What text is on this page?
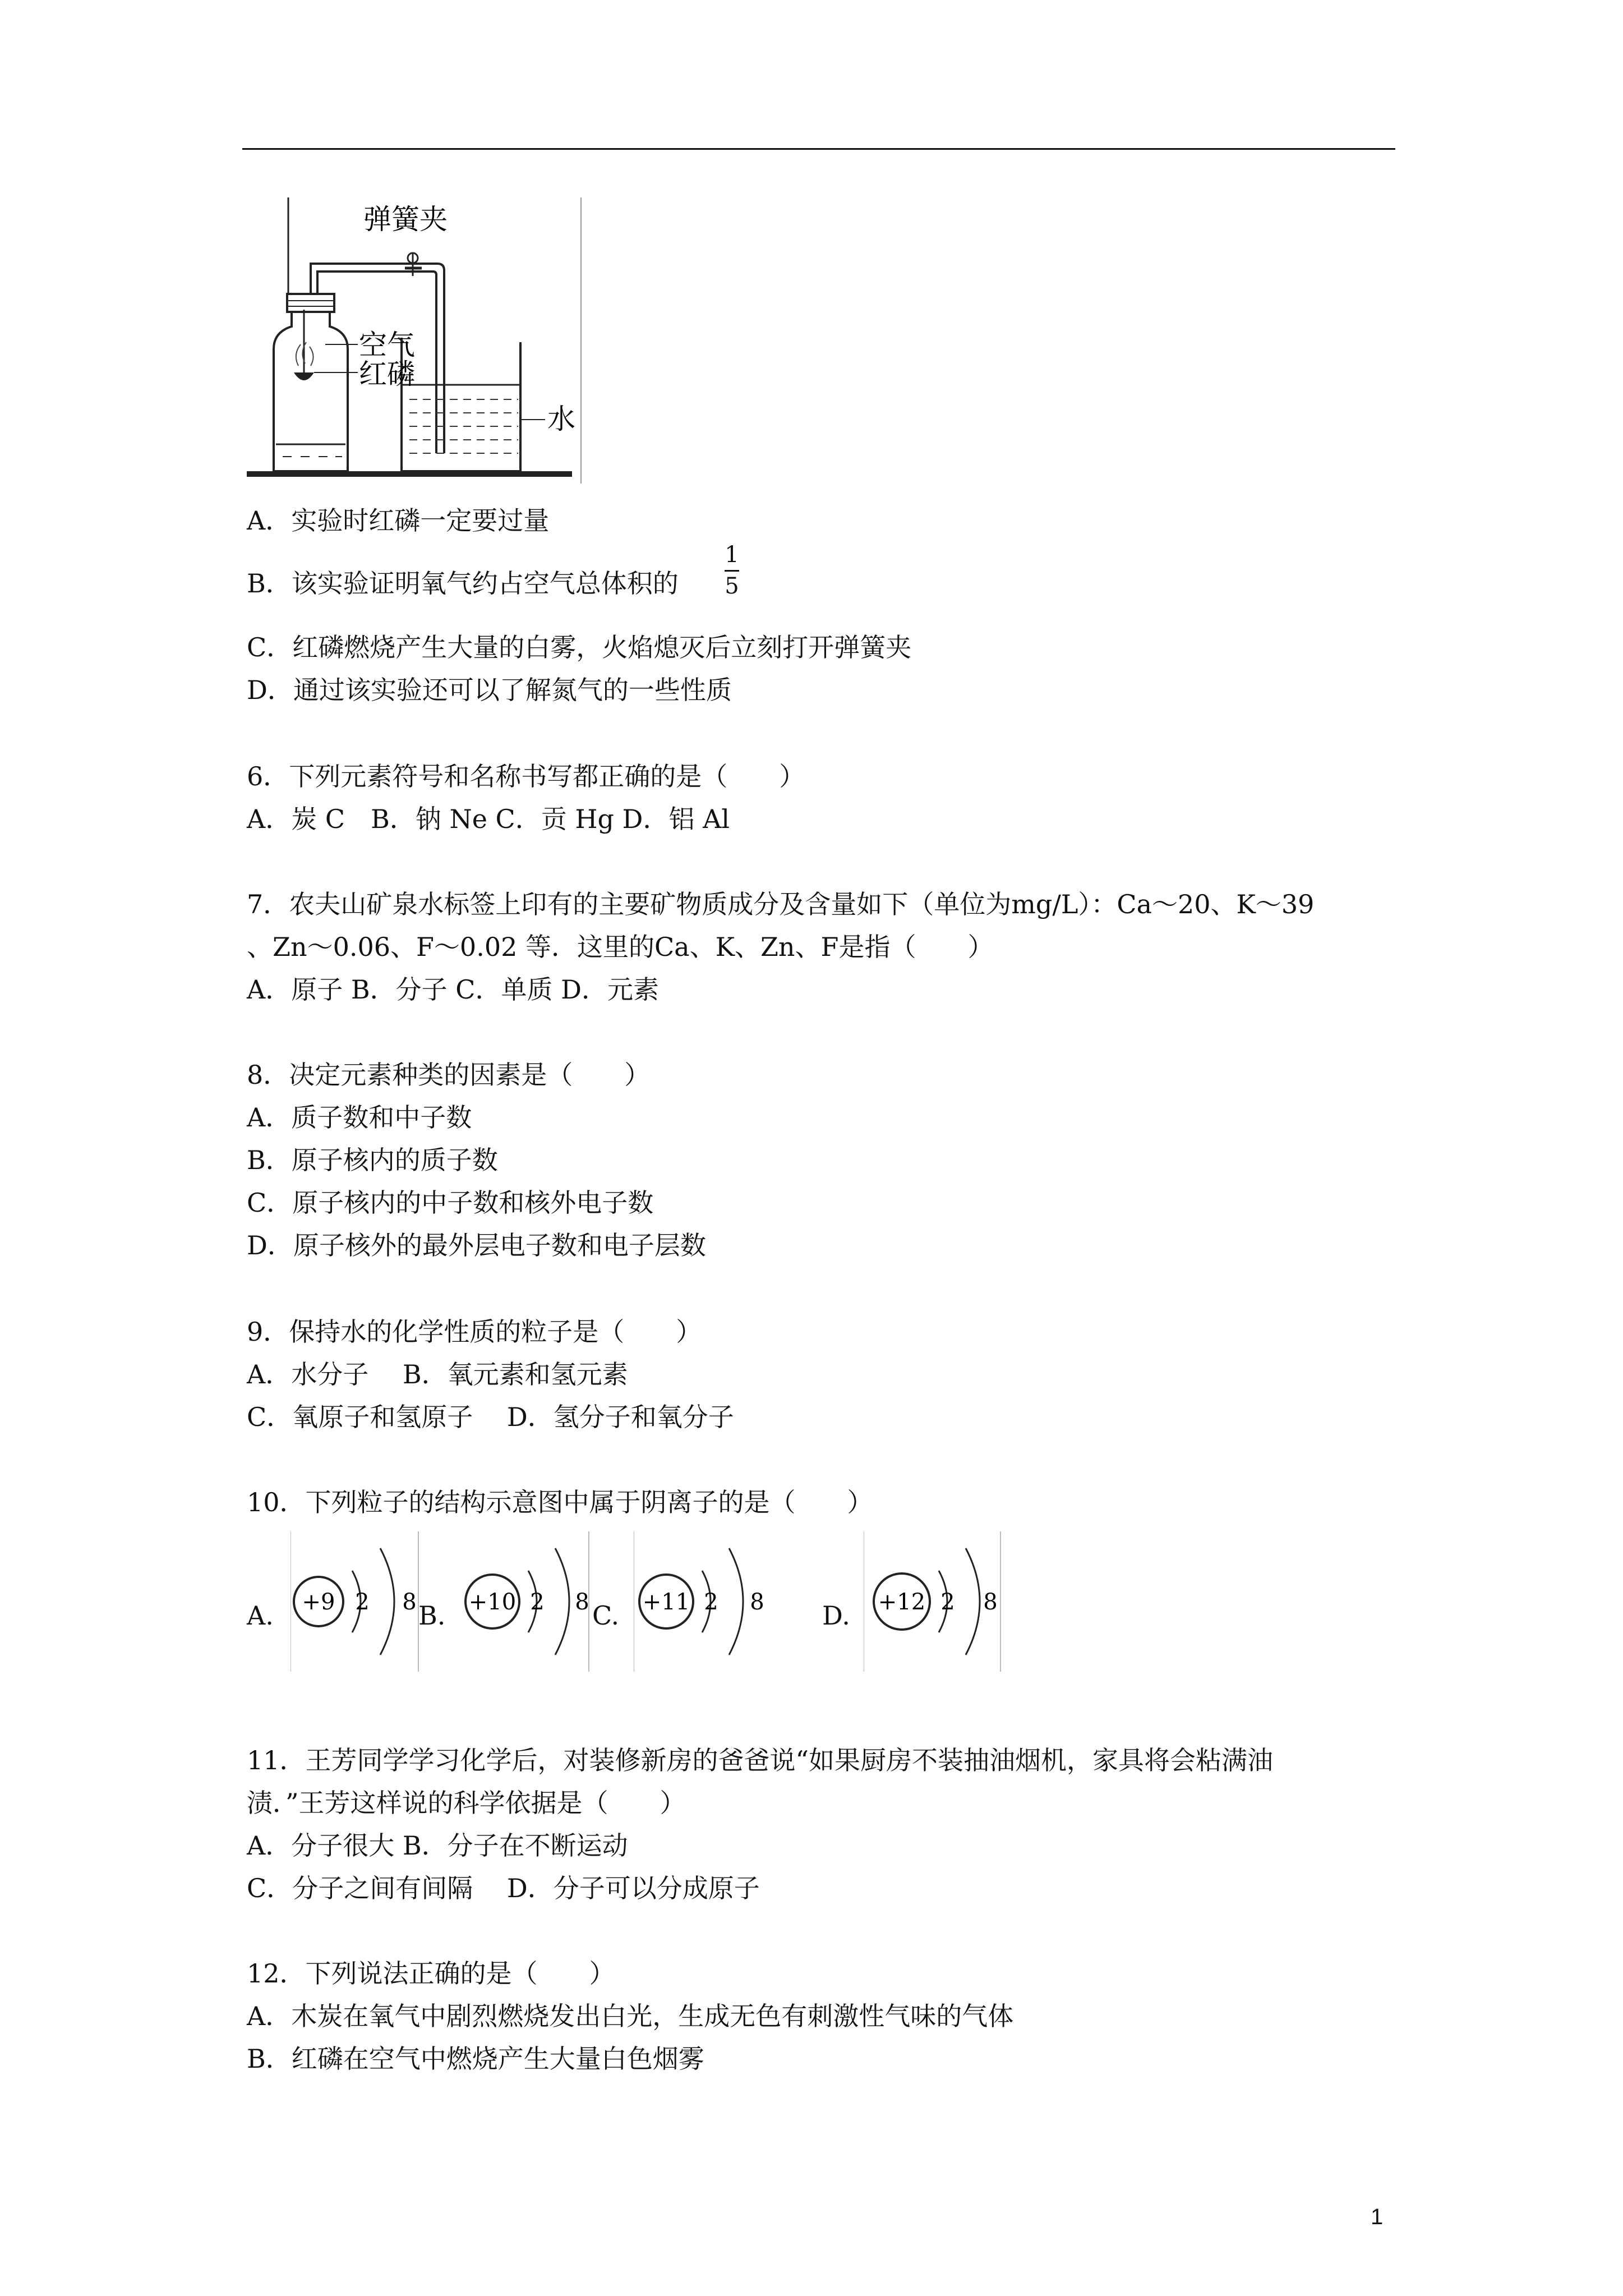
弹簧夹
空气
红磷
水
A．实验时红磷一定要过量
B．该实验证明氧气约占空气总体积的
1
5
C．红磷燃烧产生大量的白雾，火焰熄灭后立刻打开弹簧夹
D．通过该实验还可以了解氮气的一些性质
6．下列元素符号和名称书写都正确的是（　　）
A．炭 C　B．钠 Ne C．贡 Hg D．铝 Al
7．农夫山矿泉水标签上印有的主要矿物质成分及含量如下（单位为mg/L）：Ca～20、K～39
、Zn～0.06、F～0.02 等．这里的Ca、K、Zn、F是指（　　）
A．原子 B．分子 C．单质 D．元素
8．决定元素种类的因素是（　　）
A．质子数和中子数
B．原子核内的质子数
C．原子核内的中子数和核外电子数
D．原子核外的最外层电子数和电子层数
9．保持水的化学性质的粒子是（　　）
A．水分子　 B．氧元素和氢元素
C．氧原子和氢原子　 D．氢分子和氧分子
10．下列粒子的结构示意图中属于阴离子的是（　　）
A. +9 2 8 B. +10 2 8 C. +11 2 8 D. +12 2 8
11．王芳同学学习化学后，对装修新房的爸爸说“如果厨房不装抽油烟机，家具将会粘满油
渍．”王芳这样说的科学依据是（　　）
A．分子很大 B．分子在不断运动
C．分子之间有间隔　 D．分子可以分成原子
12．下列说法正确的是（　　）
A．木炭在氧气中剧烈燃烧发出白光，生成无色有刺激性气味的气体
B．红磷在空气中燃烧产生大量白色烟雾
1
